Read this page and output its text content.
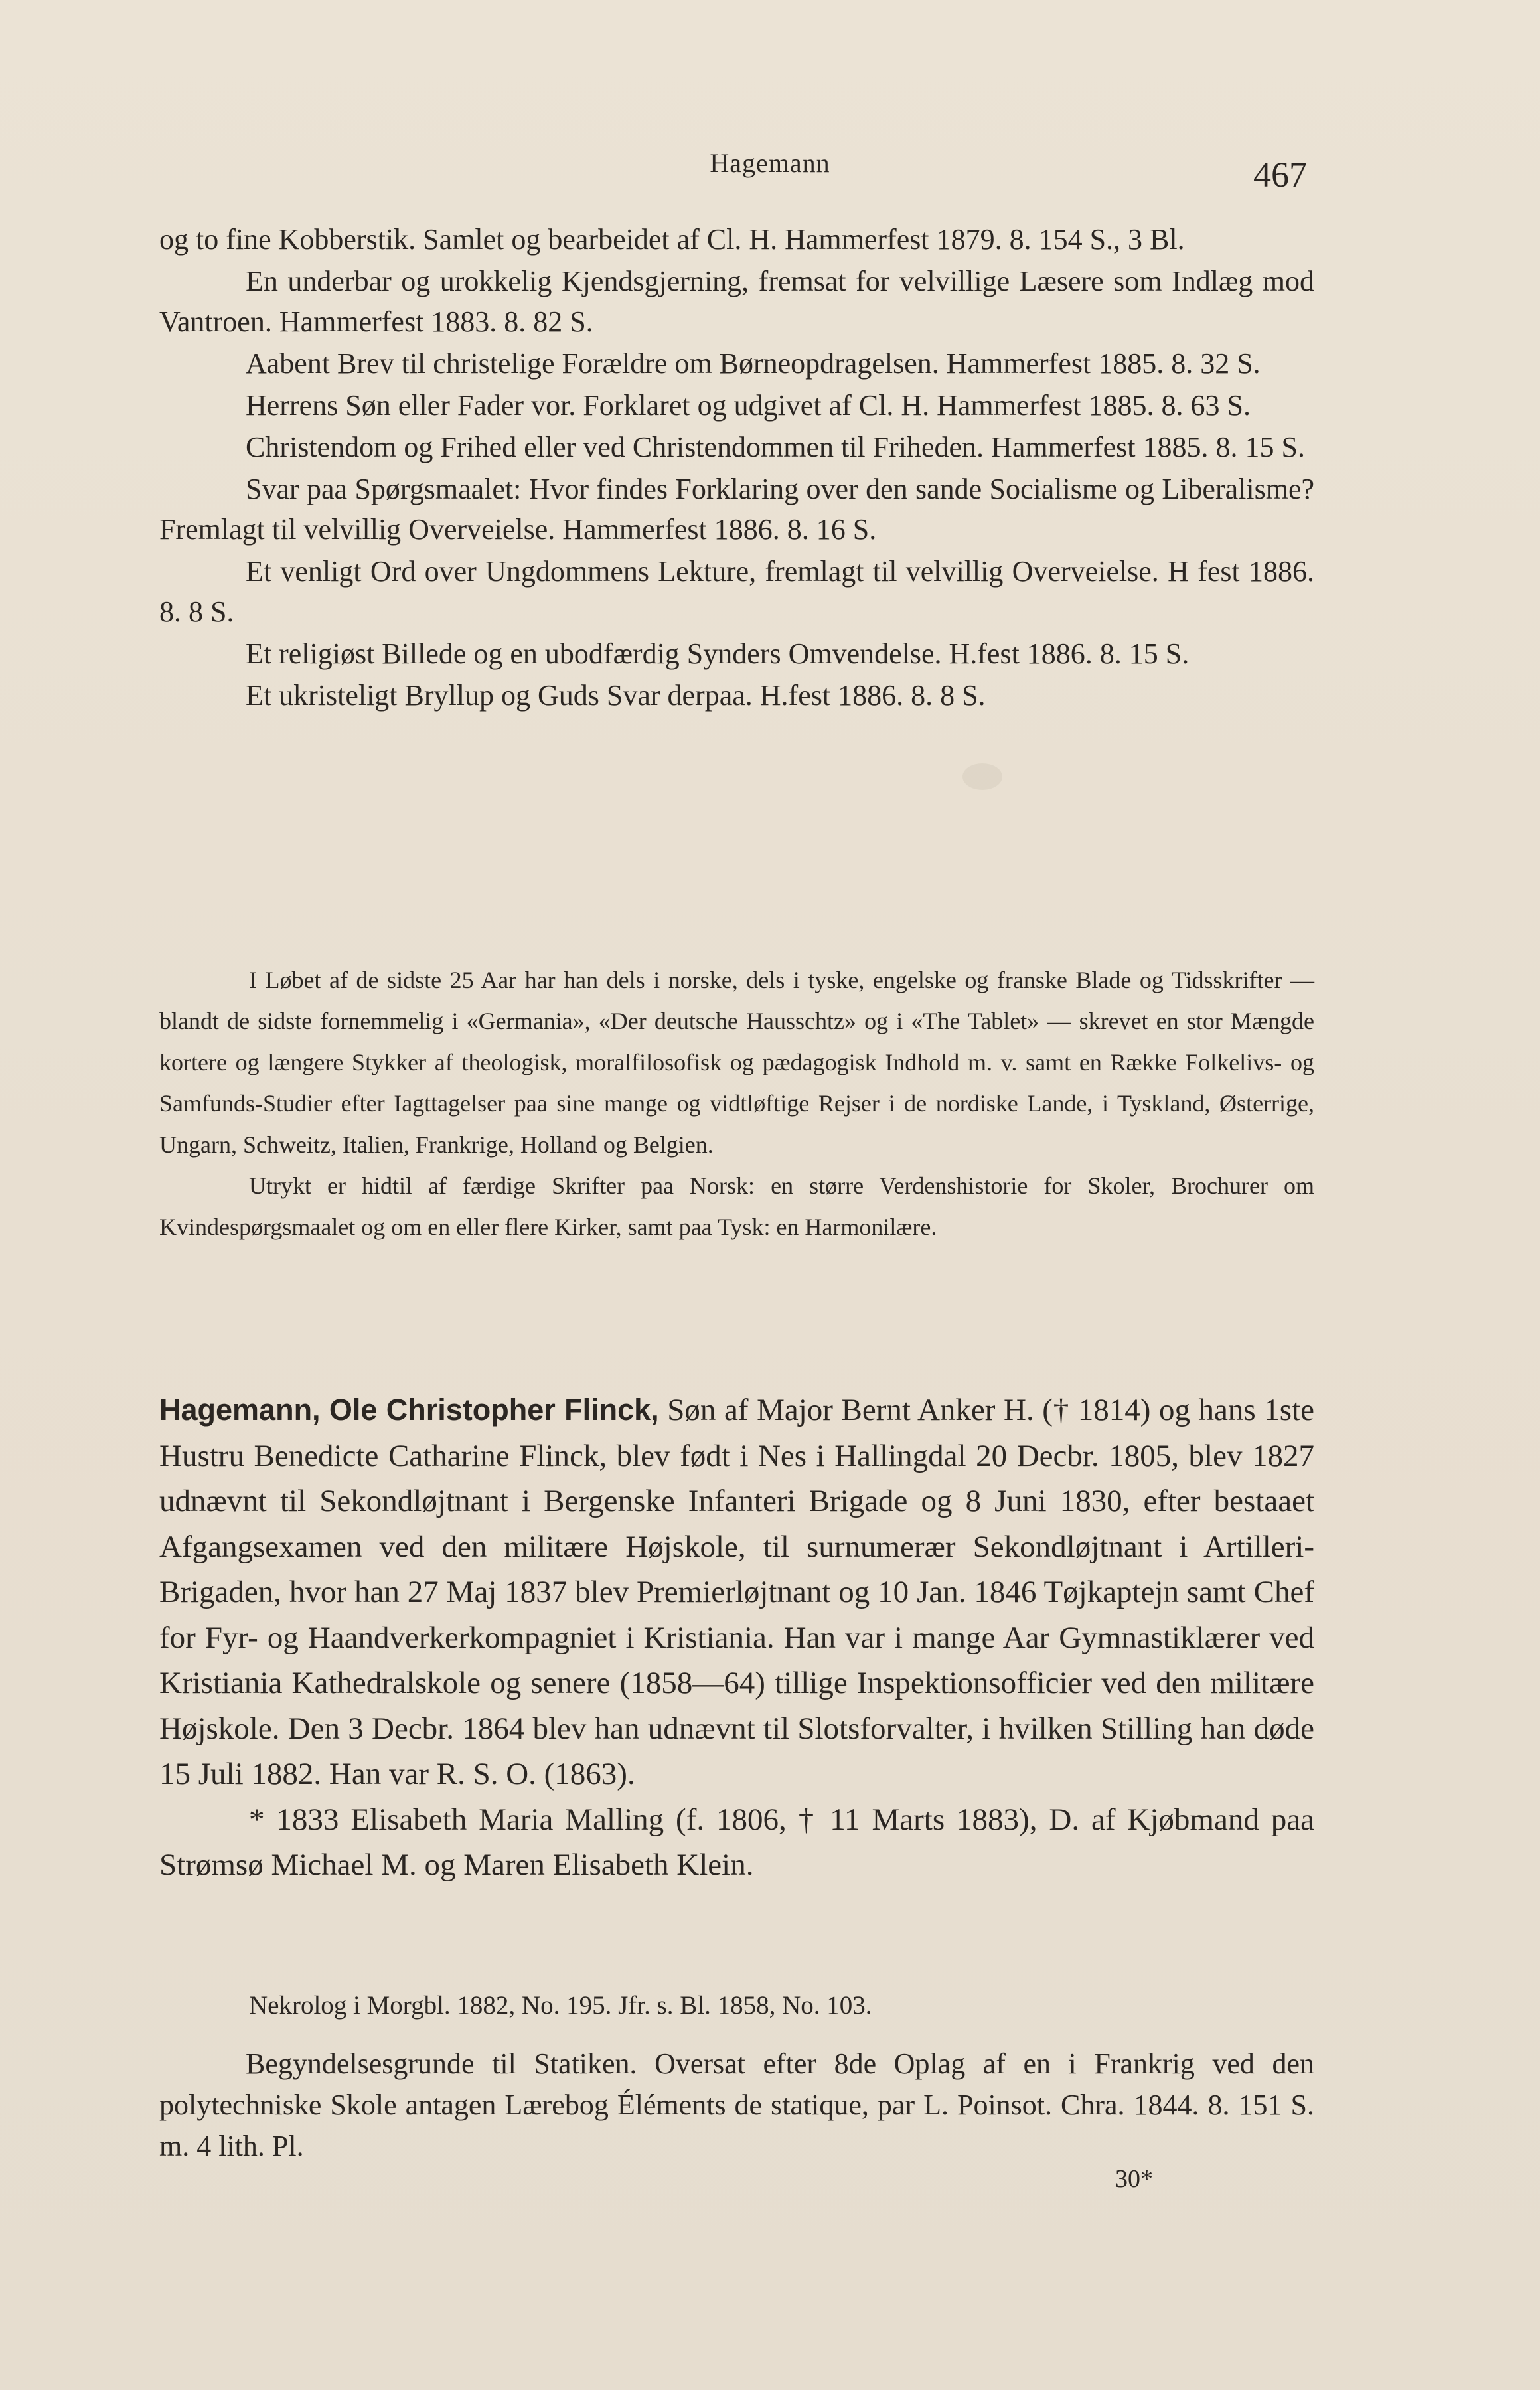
Hagemann	467

og to fine Kobberstik. Samlet og bearbeidet af Cl. H. Hammerfest 1879. 8. 154 S., 3 Bl.

En underbar og urokkelig Kjendsgjerning, fremsat for velvillige Læsere som Indlæg mod Vantroen. Hammerfest 1883. 8. 82 S.

Aabent Brev til christelige Forældre om Børneopdragelsen. Hammerfest 1885. 8. 32 S.

Herrens Søn eller Fader vor. Forklaret og udgivet af Cl. H. Hammerfest 1885. 8. 63 S.

Christendom og Frihed eller ved Christendommen til Friheden. Hammerfest 1885. 8. 15 S.

Svar paa Spørgsmaalet: Hvor findes Forklaring over den sande Socialisme og Liberalisme? Fremlagt til velvillig Overveielse. Hammerfest 1886. 8. 16 S.

Et venligt Ord over Ungdommens Lekture, fremlagt til velvillig Overveielse. H fest 1886. 8. 8 S.

Et religiøst Billede og en ubodfærdig Synders Omvendelse. H.fest 1886. 8. 15 S.

Et ukristeligt Bryllup og Guds Svar derpaa. H.fest 1886. 8. 8 S.

I Løbet af de sidste 25 Aar har han dels i norske, dels i tyske, engelske og franske Blade og Tidsskrifter — blandt de sidste fornemmelig i «Germania», «Der deutsche Hausschtz» og i «The Tablet» — skrevet en stor Mængde kortere og længere Stykker af theologisk, moralfilosofisk og pædagogisk Indhold m. v. samt en Række Folkelivs- og Samfunds-Studier efter Iagttagelser paa sine mange og vidtløftige Rejser i de nordiske Lande, i Tyskland, Østerrige, Ungarn, Schweitz, Italien, Frankrige, Holland og Belgien.

Utrykt er hidtil af færdige Skrifter paa Norsk: en større Verdenshistorie for Skoler, Brochurer om Kvindespørgsmaalet og om en eller flere Kirker, samt paa Tysk: en Harmonilære.

Hagemann, Ole Christopher Flinck, Søn af Major Bernt Anker H. († 1814) og hans 1ste Hustru Benedicte Catharine Flinck, blev født i Nes i Hallingdal 20 Decbr. 1805, blev 1827 udnævnt til Sekondløjtnant i Bergenske Infanteri Brigade og 8 Juni 1830, efter bestaaet Afgangsexamen ved den militære Højskole, til surnumerær Sekondløjtnant i Artilleri-Brigaden, hvor han 27 Maj 1837 blev Premierløjtnant og 10 Jan. 1846 Tøjkaptejn samt Chef for Fyr- og Haandverkerkompagniet i Kristiania. Han var i mange Aar Gymnastiklærer ved Kristiania Kathedralskole og senere (1858—64) tillige Inspektionsofficier ved den militære Højskole. Den 3 Decbr. 1864 blev han udnævnt til Slotsforvalter, i hvilken Stilling han døde 15 Juli 1882. Han var R. S. O. (1863).

* 1833 Elisabeth Maria Malling (f. 1806, † 11 Marts 1883), D. af Kjøbmand paa Strømsø Michael M. og Maren Elisabeth Klein.

Nekrolog i Morgbl. 1882, No. 195. Jfr. s. Bl. 1858, No. 103.

Begyndelsesgrunde til Statiken. Oversat efter 8de Oplag af en i Frankrig ved den polytechniske Skole antagen Lærebog Éléments de statique, par L. Poinsot. Chra. 1844. 8. 151 S. m. 4 lith. Pl.

30*
